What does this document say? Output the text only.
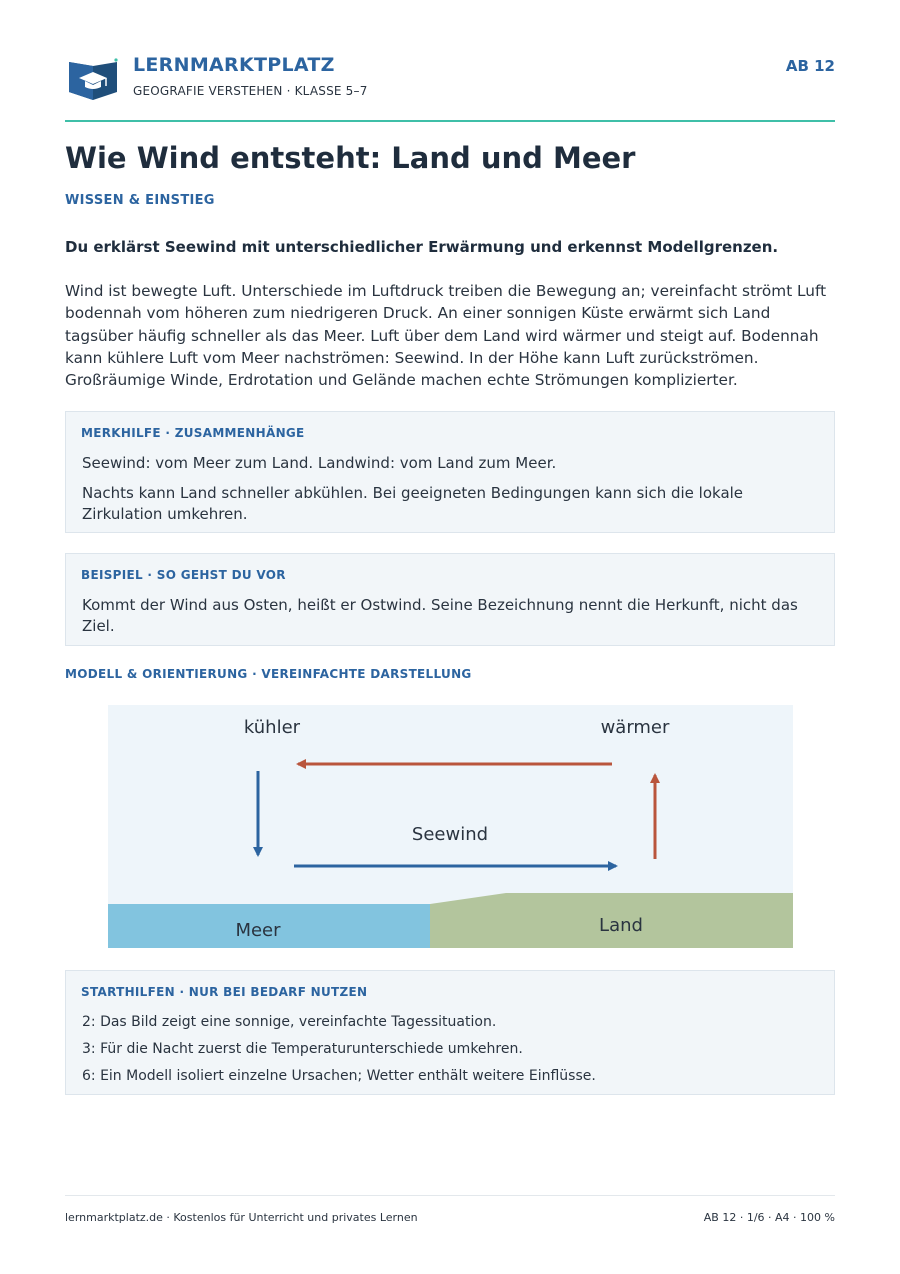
LERNMARKTPLATZ
GEOGRAFIE VERSTEHEN · KLASSE 5–7
AB 12
Wie Wind entsteht: Land und Meer
WISSEN & EINSTIEG
Du erklärst Seewind mit unterschiedlicher Erwärmung und erkennst Modellgrenzen.

Wind ist bewegte Luft. Unterschiede im Luftdruck treiben die Bewegung an; vereinfacht strömt Luft bodennah vom höheren zum niedrigeren Druck. An einer sonnigen Küste erwärmt sich Land tagsüber häufig schneller als das Meer. Luft über dem Land wird wärmer und steigt auf. Bodennah kann kühlere Luft vom Meer nachströmen: Seewind. In der Höhe kann Luft zurückströmen. Großräumige Winde, Erdrotation und Gelände machen echte Strömungen komplizierter.

MERKHILFE · ZUSAMMENHÄNGE

Seewind: vom Meer zum Land. Landwind: vom Land zum Meer.

Nachts kann Land schneller abkühlen. Bei geeigneten Bedingungen kann sich die lokale Zirkulation umkehren.

BEISPIEL · SO GEHST DU VOR

Kommt der Wind aus Osten, heißt er Ostwind. Seine Bezeichnung nennt die Herkunft, nicht das Ziel.

MODELL & ORIENTIERUNG · VEREINFACHTE DARSTELLUNG
kühler	wärmer
Seewind
Meer	Land
STARTHILFEN · NUR BEI BEDARF NUTZEN

2: Das Bild zeigt eine sonnige, vereinfachte Tagessituation.

3: Für die Nacht zuerst die Temperaturunterschiede umkehren.

6: Ein Modell isoliert einzelne Ursachen; Wetter enthält weitere Einflüsse.

lernmarktplatz.de · Kostenlos für Unterricht und privates Lernen	AB 12 · 1/6 · A4 · 100 %
